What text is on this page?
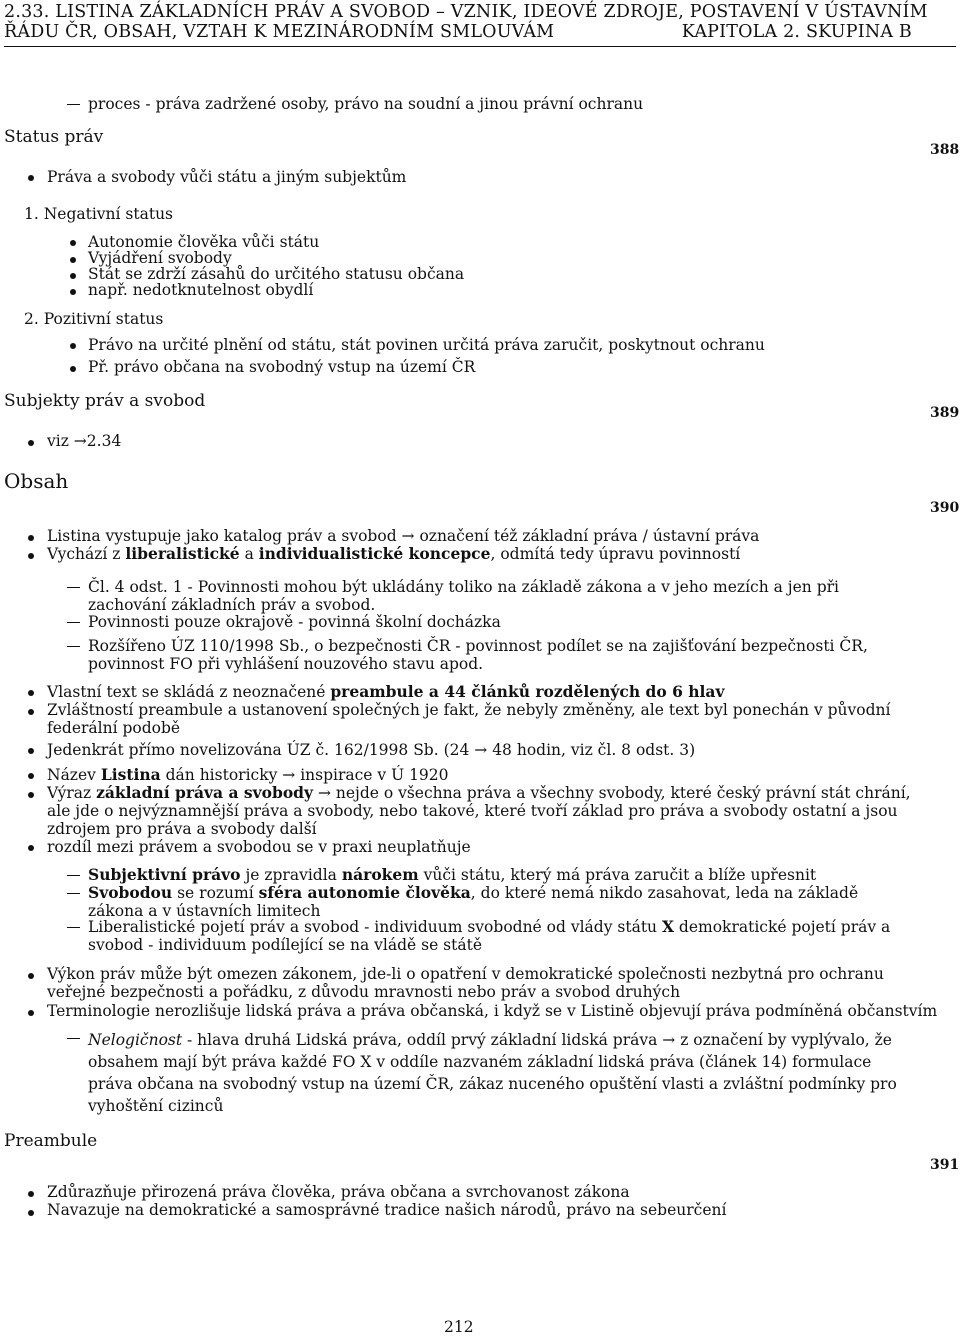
2.33. LISTINA ZÁKLADNÍCH PRÁV A SVOBOD – VZNIK, IDEOVÉ ZDROJE, POSTAVENÍ V ÚSTAVNÍM
ŘÁDU ČR, OBSAH, VZTAH K MEZINÁRODNÍM SMLOUVÁM	KAPITOLA 2. SKUPINA B
388
389
390
391
proces - práva zadržené osoby, právo na soudní a jinou právní ochranu
Status práv
Práva a svobody vůči státu a jiným subjektům
1. Negativní status
Autonomie člověka vůči státu
Vyjádření svobody
Stát se zdrží zásahů do určitého statusu občana
např. nedotknutelnost obydlí
2. Pozitivní status
Právo na určité plnění od státu, stát povinen určitá práva zaručit, poskytnout ochranu
Př. právo občana na svobodný vstup na území ČR
Subjekty práv a svobod
viz →2.34
Obsah
Listina vystupuje jako katalog práv a svobod → označení též základní práva / ústavní práva
Vychází z liberalistické a individualistické koncepce, odmítá tedy úpravu povinností
Čl. 4 odst. 1 - Povinnosti mohou být ukládány toliko na základě zákona a v jeho mezích a jen při zachování základních práv a svobod.
Povinnosti pouze okrajově - povinná školní docházka
Rozšířeno ÚZ 110/1998 Sb., o bezpečnosti ČR - povinnost podílet se na zajišťování bezpečnosti ČR, povinnost FO při vyhlášení nouzového stavu apod.
Vlastní text se skládá z neoznačené preambule a 44 článků rozdělených do 6 hlav
Zvláštností preambule a ustanovení společných je fakt, že nebyly změněny, ale text byl ponechán v původní federální podobě
Jedenkrát přímo novelizována ÚZ č. 162/1998 Sb. (24 → 48 hodin, viz čl. 8 odst. 3)
Název Listina dán historicky → inspirace v Ú 1920
Výraz základní práva a svobody → nejde o všechna práva a všechny svobody, které český právní stát chrání, ale jde o nejvýznamnější práva a svobody, nebo takové, které tvoří základ pro práva a svobody ostatní a jsou zdrojem pro práva a svobody další
rozdíl mezi právem a svobodou se v praxi neuplatňuje
Subjektivní právo je zpravidla nárokem vůči státu, který má práva zaručit a blíže upřesnit
Svobodou se rozumí sféra autonomie člověka, do které nemá nikdo zasahovat, leda na základě zákona a v ústavních limitech
Liberalistické pojetí práv a svobod - individuum svobodné od vlády státu X demokratické pojetí práv a svobod - individuum podílející se na vládě se státě
Výkon práv může být omezen zákonem, jde-li o opatření v demokratické společnosti nezbytná pro ochranu veřejné bezpečnosti a pořádku, z důvodu mravnosti nebo práv a svobod druhých
Terminologie nerozlišuje lidská práva a práva občanská, i když se v Listině objevují práva podmíněná občanstvím
Nelogičnost - hlava druhá Lidská práva, oddíl prvý základní lidská práva → z označení by vyplývalo, že obsahem mají být práva každé FO X v oddíle nazvaném základní lidská práva (článek 14) formulace práva občana na svobodný vstup na území ČR, zákaz nuceného opuštění vlasti a zvláštní podmínky pro vyhoštění cizinců
Preambule
Zdůrazňuje přirozená práva člověka, práva občana a svrchovanost zákona
Navazuje na demokratické a samosprávné tradice našich národů, právo na sebeurčení
212
